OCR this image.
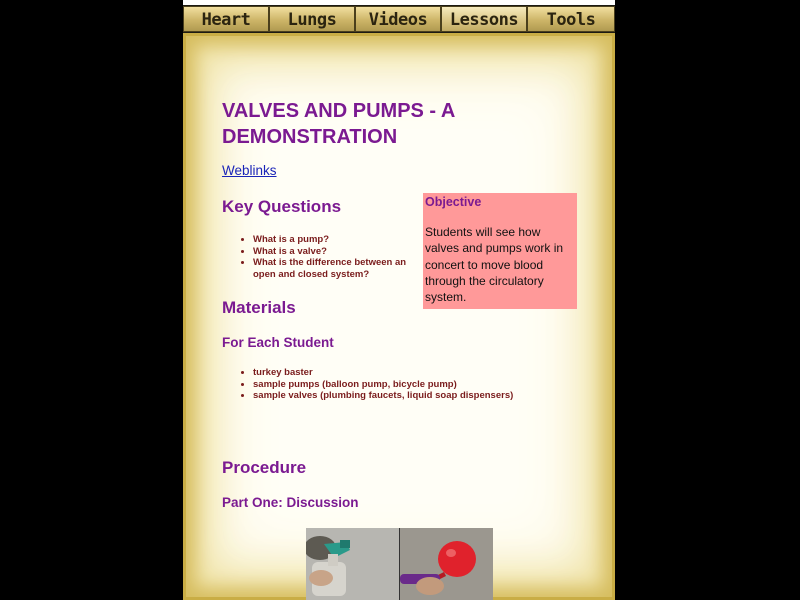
Heart	Lungs	Videos	Lessons	Tools
VALVES AND PUMPS - A DEMONSTRATION
Weblinks
Key Questions
• What is a pump?
• What is a valve?
• What is the difference between an open and closed system?
Materials
For Each Student
• turkey baster
• sample pumps (balloon pump, bicycle pump)
• sample valves (plumbing faucets, liquid soap dispensers)
Procedure
Part One: Discussion
Objective
Students will see how valves and pumps work in concert to move blood through the circulatory system.
